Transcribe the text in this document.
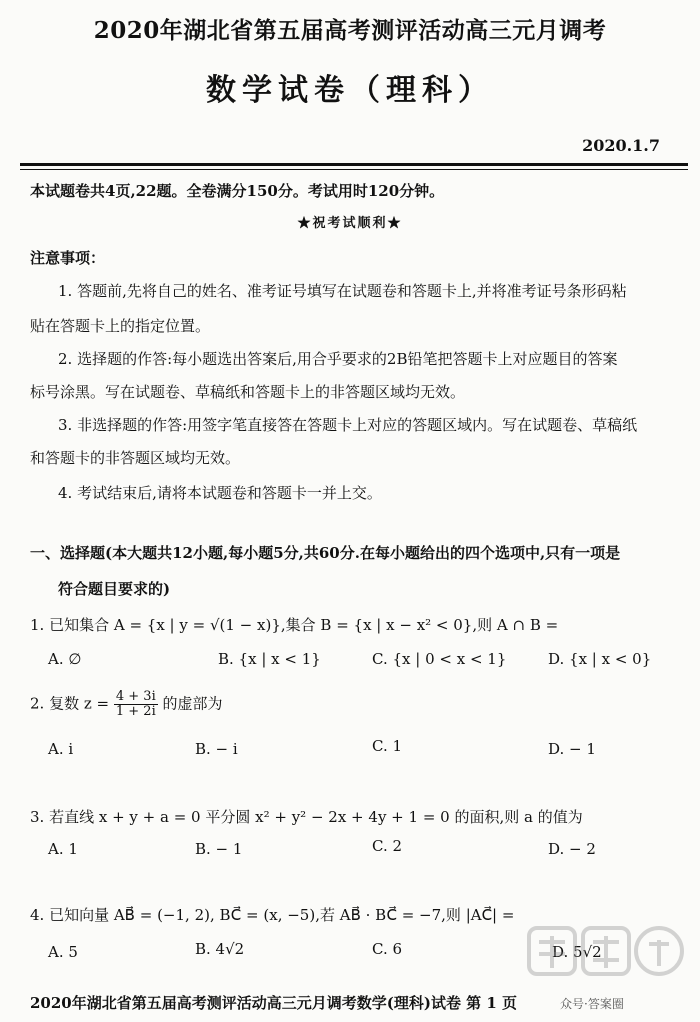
2020年湖北省第五届高考测评活动高三元月调考
数学试卷（理科）
2020.1.7
本试题卷共4页,22题。全卷满分150分。考试用时120分钟。
★祝考试顺利★
注意事项：
1. 答题前,先将自己的姓名、准考证号填写在试题卷和答题卡上,并将准考证号条形码粘
贴在答题卡上的指定位置。
2. 选择题的作答:每小题选出答案后,用合乎要求的2B铅笔把答题卡上对应题目的答案
标号涂黑。写在试题卷、草稿纸和答题卡上的非答题区域均无效。
3. 非选择题的作答:用签字笔直接答在答题卡上对应的答题区域内。写在试题卷、草稿纸
和答题卡的非答题区域均无效。
4. 考试结束后,请将本试题卷和答题卡一并上交。
一、选择题(本大题共12小题,每小题5分,共60分.在每小题给出的四个选项中,只有一项是
符合题目要求的)
1. 已知集合 A = {x | y = √(1 − x)},集合 B = {x | x − x² < 0},则 A ∩ B =
A. ∅	B. {x | x < 1}	C. {x | 0 < x < 1}	D. {x | x < 0}
2. 复数 $z = \frac{4 + 3i}{1 + 2i}$ 的虚部为
A. i	B. − i	C. 1	D. − 1
3. 若直线 x + y + a = 0 平分圆 x² + y² − 2x + 4y + 1 = 0 的面积,则 a 的值为
A. 1	B. − 1	C. 2	D. − 2
4. 已知向量 AB⃗ = (−1, 2), BC⃗ = (x, −5),若 AB⃗ · BC⃗ = −7,则 |AC⃗| =
A. 5	B. 4√2	C. 6	D. 5√2
2020年湖北省第五届高考测评活动高三元月调考数学(理科)试卷 第 1 页	众号·答案圈
